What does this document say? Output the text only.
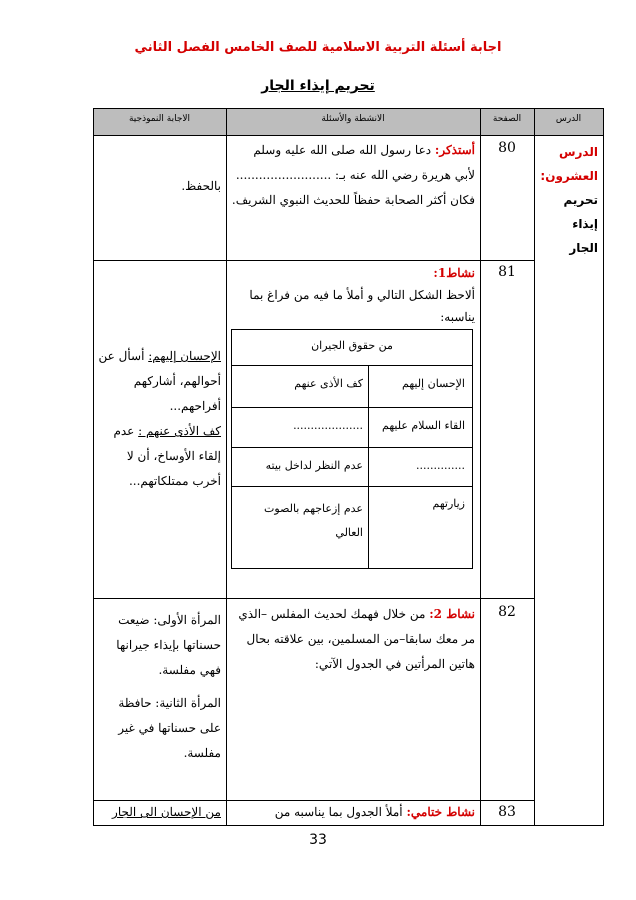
اجابة أسئلة التربية الاسلامية للصف الخامس الفصل الثاني
تحريم إيذاء الجار
الدرس
الصفحة
الانشطة والأسئلة
الاجابة النموذجية

الدرس

العشرون:

تحريم إيذاء

الجار

80
أستذكر: دعا رسول الله صلى الله عليه وسلم لأبي هريرة رضي الله عنه بـ: ......................... فكان أكثر الصحابة حفظاً للحديث النبوي الشريف.
بالحفظ.
81
نشاط1:
ألاحظ الشكل التالي و أملأ ما فيه من فراغ بما يناسبه:

الإحسان إليهم: أسأل عن أحوالهم، أشاركهم أفراحهم...

كف الأذى عنهم : عدم إلقاء الأوساخ، أن لا أخرب ممتلكاتهم...

82
نشاط 2: من خلال فهمك لحديث المفلس –الذي مر معك سابقا–من المسلمين، بين علاقته بحال هاتين المرأتين في الجدول الآتي:

المرأة الأولى: ضيعت حسناتها بإيذاء جيرانها فهي مفلسة.

المرأة الثانية: حافظة على حسناتها في غير مفلسة.

83
نشاط ختامي: أملأ الجدول بما يناسبه من
من الإحسان الى الجار
من حقوق الجيران
الإحسان إليهم
كف الأذى عنهم
القاء السلام عليهم
....................
..............
عدم النظر لداخل بيته
زيارتهم
عدم إزعاجهم بالصوت العالي
33
